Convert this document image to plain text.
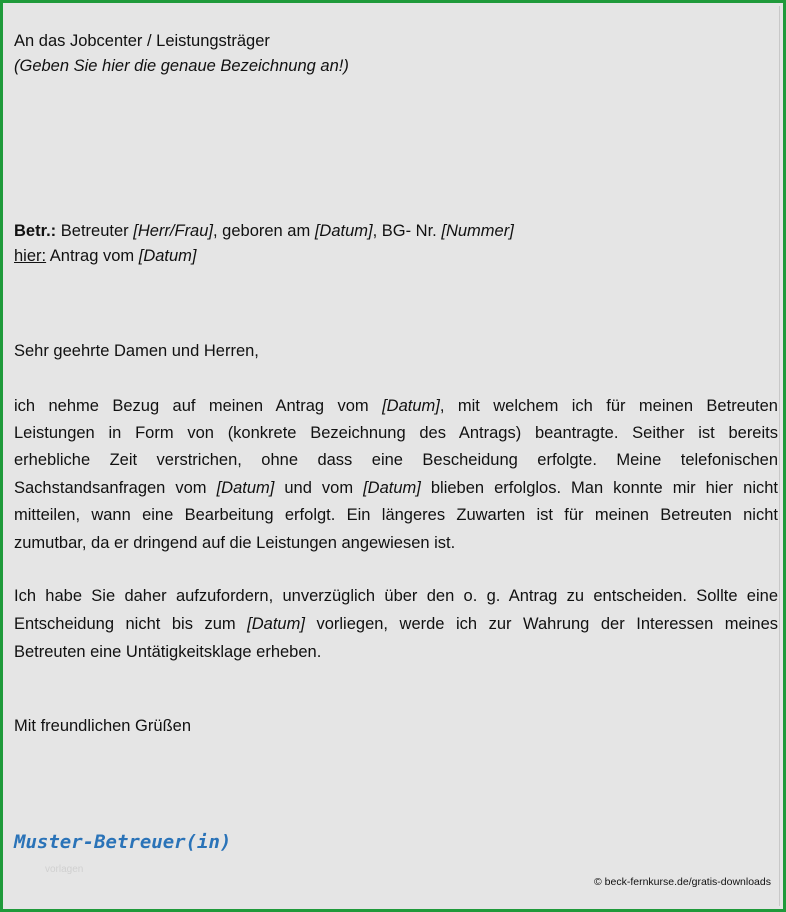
An das Jobcenter / Leistungsträger
(Geben Sie hier die genaue Bezeichnung an!)
Betr.: Betreuter [Herr/Frau], geboren am [Datum], BG- Nr. [Nummer]
hier: Antrag vom [Datum]
Sehr geehrte Damen und Herren,
ich nehme Bezug auf meinen Antrag vom [Datum], mit welchem ich für meinen Betreuten
Leistungen in Form von (konkrete Bezeichnung des Antrags) beantragte. Seither ist bereits
erhebliche Zeit verstrichen, ohne dass eine Bescheidung erfolgte. Meine telefonischen
Sachstandsanfragen vom [Datum] und vom [Datum] blieben erfolglos. Man konnte mir hier nicht
mitteilen, wann eine Bearbeitung erfolgt. Ein längeres Zuwarten ist für meinen Betreuten nicht
zumutbar, da er dringend auf die Leistungen angewiesen ist.
Ich habe Sie daher aufzufordern, unverzüglich über den o. g. Antrag zu entscheiden. Sollte eine
Entscheidung nicht bis zum [Datum] vorliegen, werde ich zur Wahrung der Interessen meines
Betreuten eine Untätigkeitsklage erheben.
Mit freundlichen Grüßen
Muster-Betreuer(in)
vorlagen
© beck-fernkurse.de/gratis-downloads
